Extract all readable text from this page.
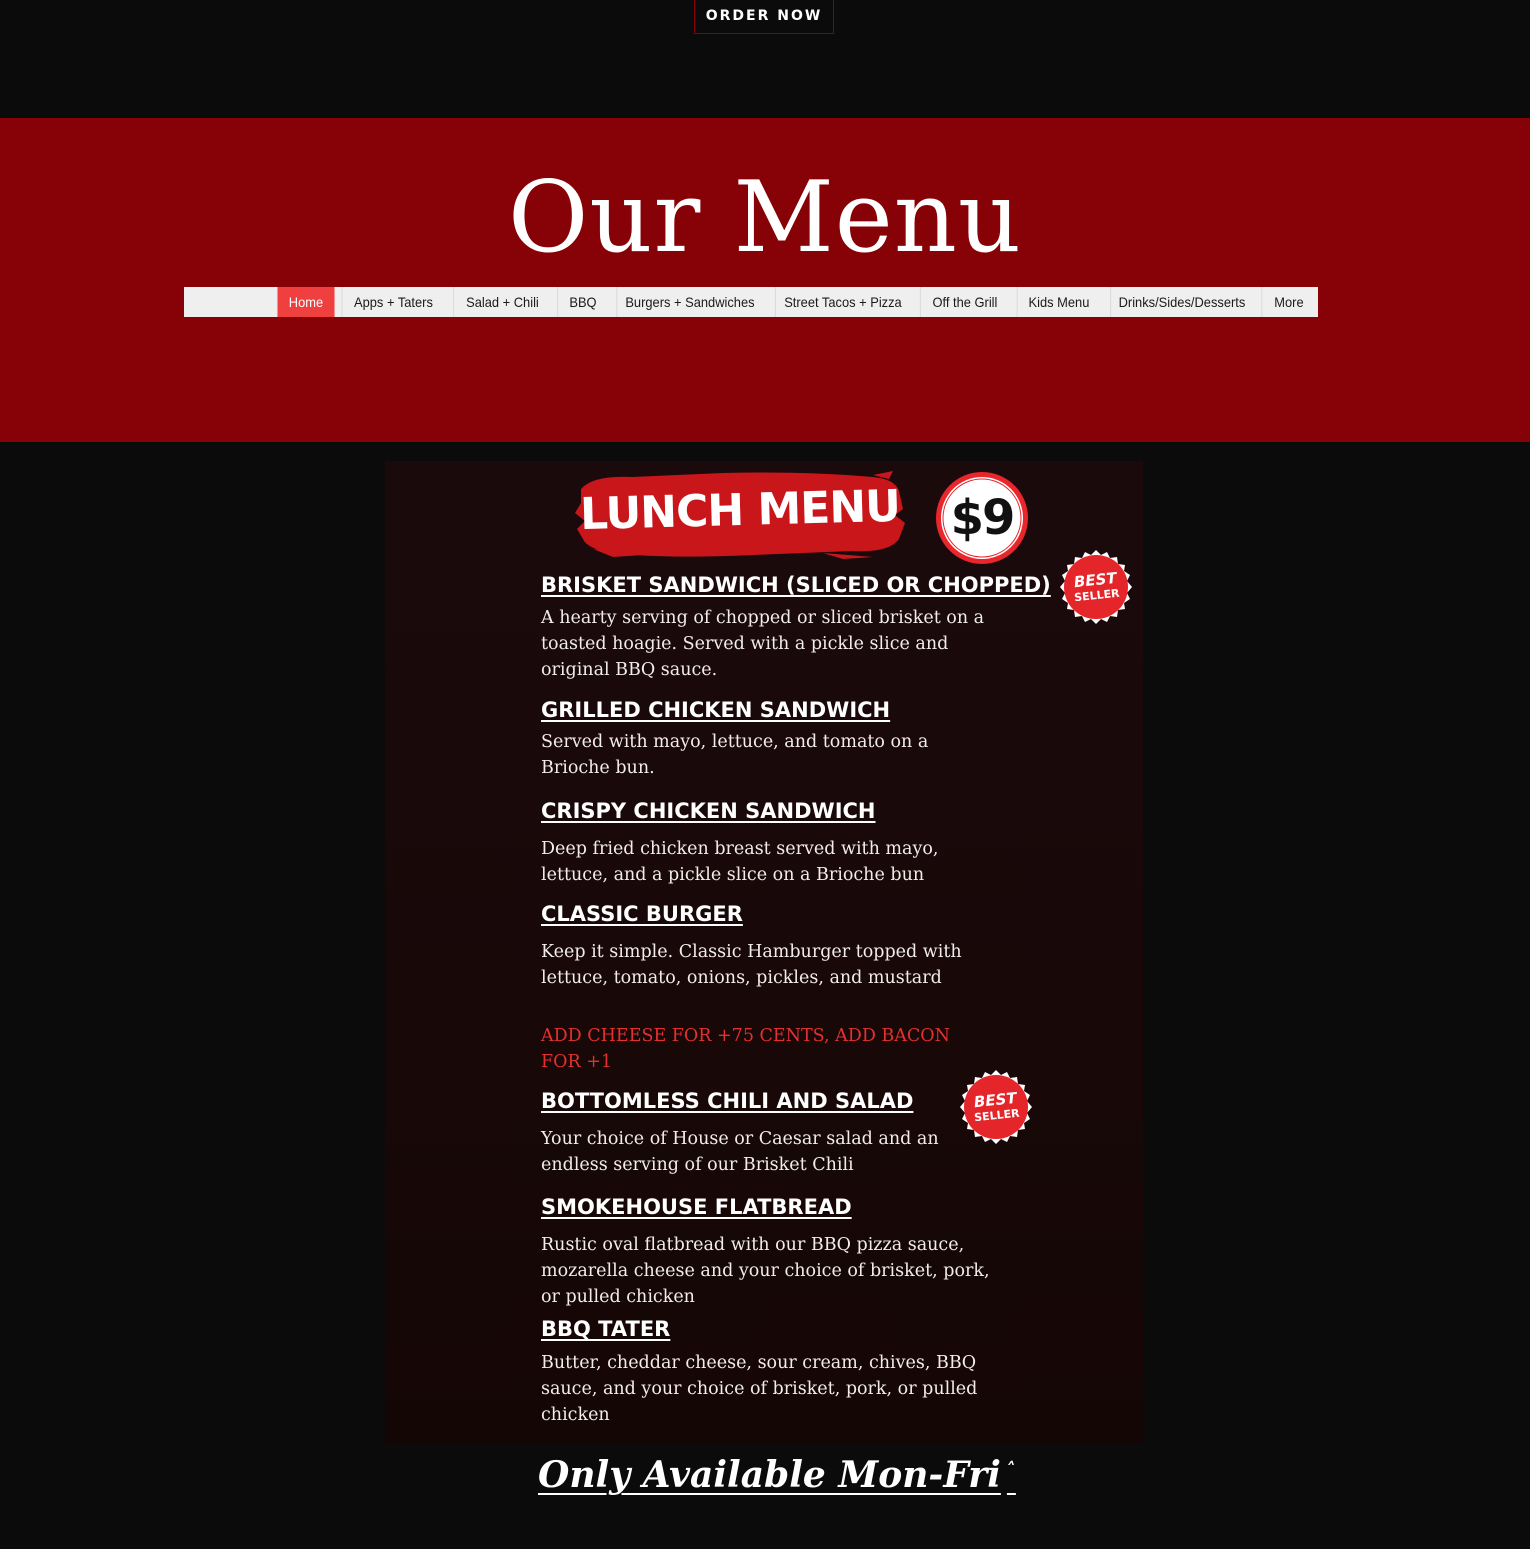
ORDER NOW
Our Menu
Home	Apps + Taters	Salad + Chili	BBQ	Burgers + Sandwiches	Street Tacos + Pizza	Off the Grill	Kids Menu	Drinks/Sides/Desserts	More
LUNCH MENU	$9
BEST
SELLER
BEST
SELLER
BRISKET SANDWICH (SLICED OR CHOPPED)
A hearty serving of chopped or sliced brisket on a toasted hoagie. Served with a pickle slice and original BBQ sauce.
GRILLED CHICKEN SANDWICH
Served with mayo, lettuce, and tomato on a Brioche bun.
CRISPY CHICKEN SANDWICH
Deep fried chicken breast served with mayo, lettuce, and a pickle slice on a Brioche bun
CLASSIC BURGER
Keep it simple. Classic Hamburger topped with lettuce, tomato, onions, pickles, and mustard
ADD CHEESE FOR +75 CENTS, ADD BACON FOR +1
BOTTOMLESS CHILI AND SALAD
Your choice of House or Caesar salad and an endless serving of our Brisket Chili
SMOKEHOUSE FLATBREAD
Rustic oval flatbread with our BBQ pizza sauce, mozarella cheese and your choice of brisket, pork, or pulled chicken
BBQ TATER
Butter, cheddar cheese, sour cream, chives, BBQ sauce, and your choice of brisket, pork, or pulled chicken
Only Available Mon-Fri ˄
